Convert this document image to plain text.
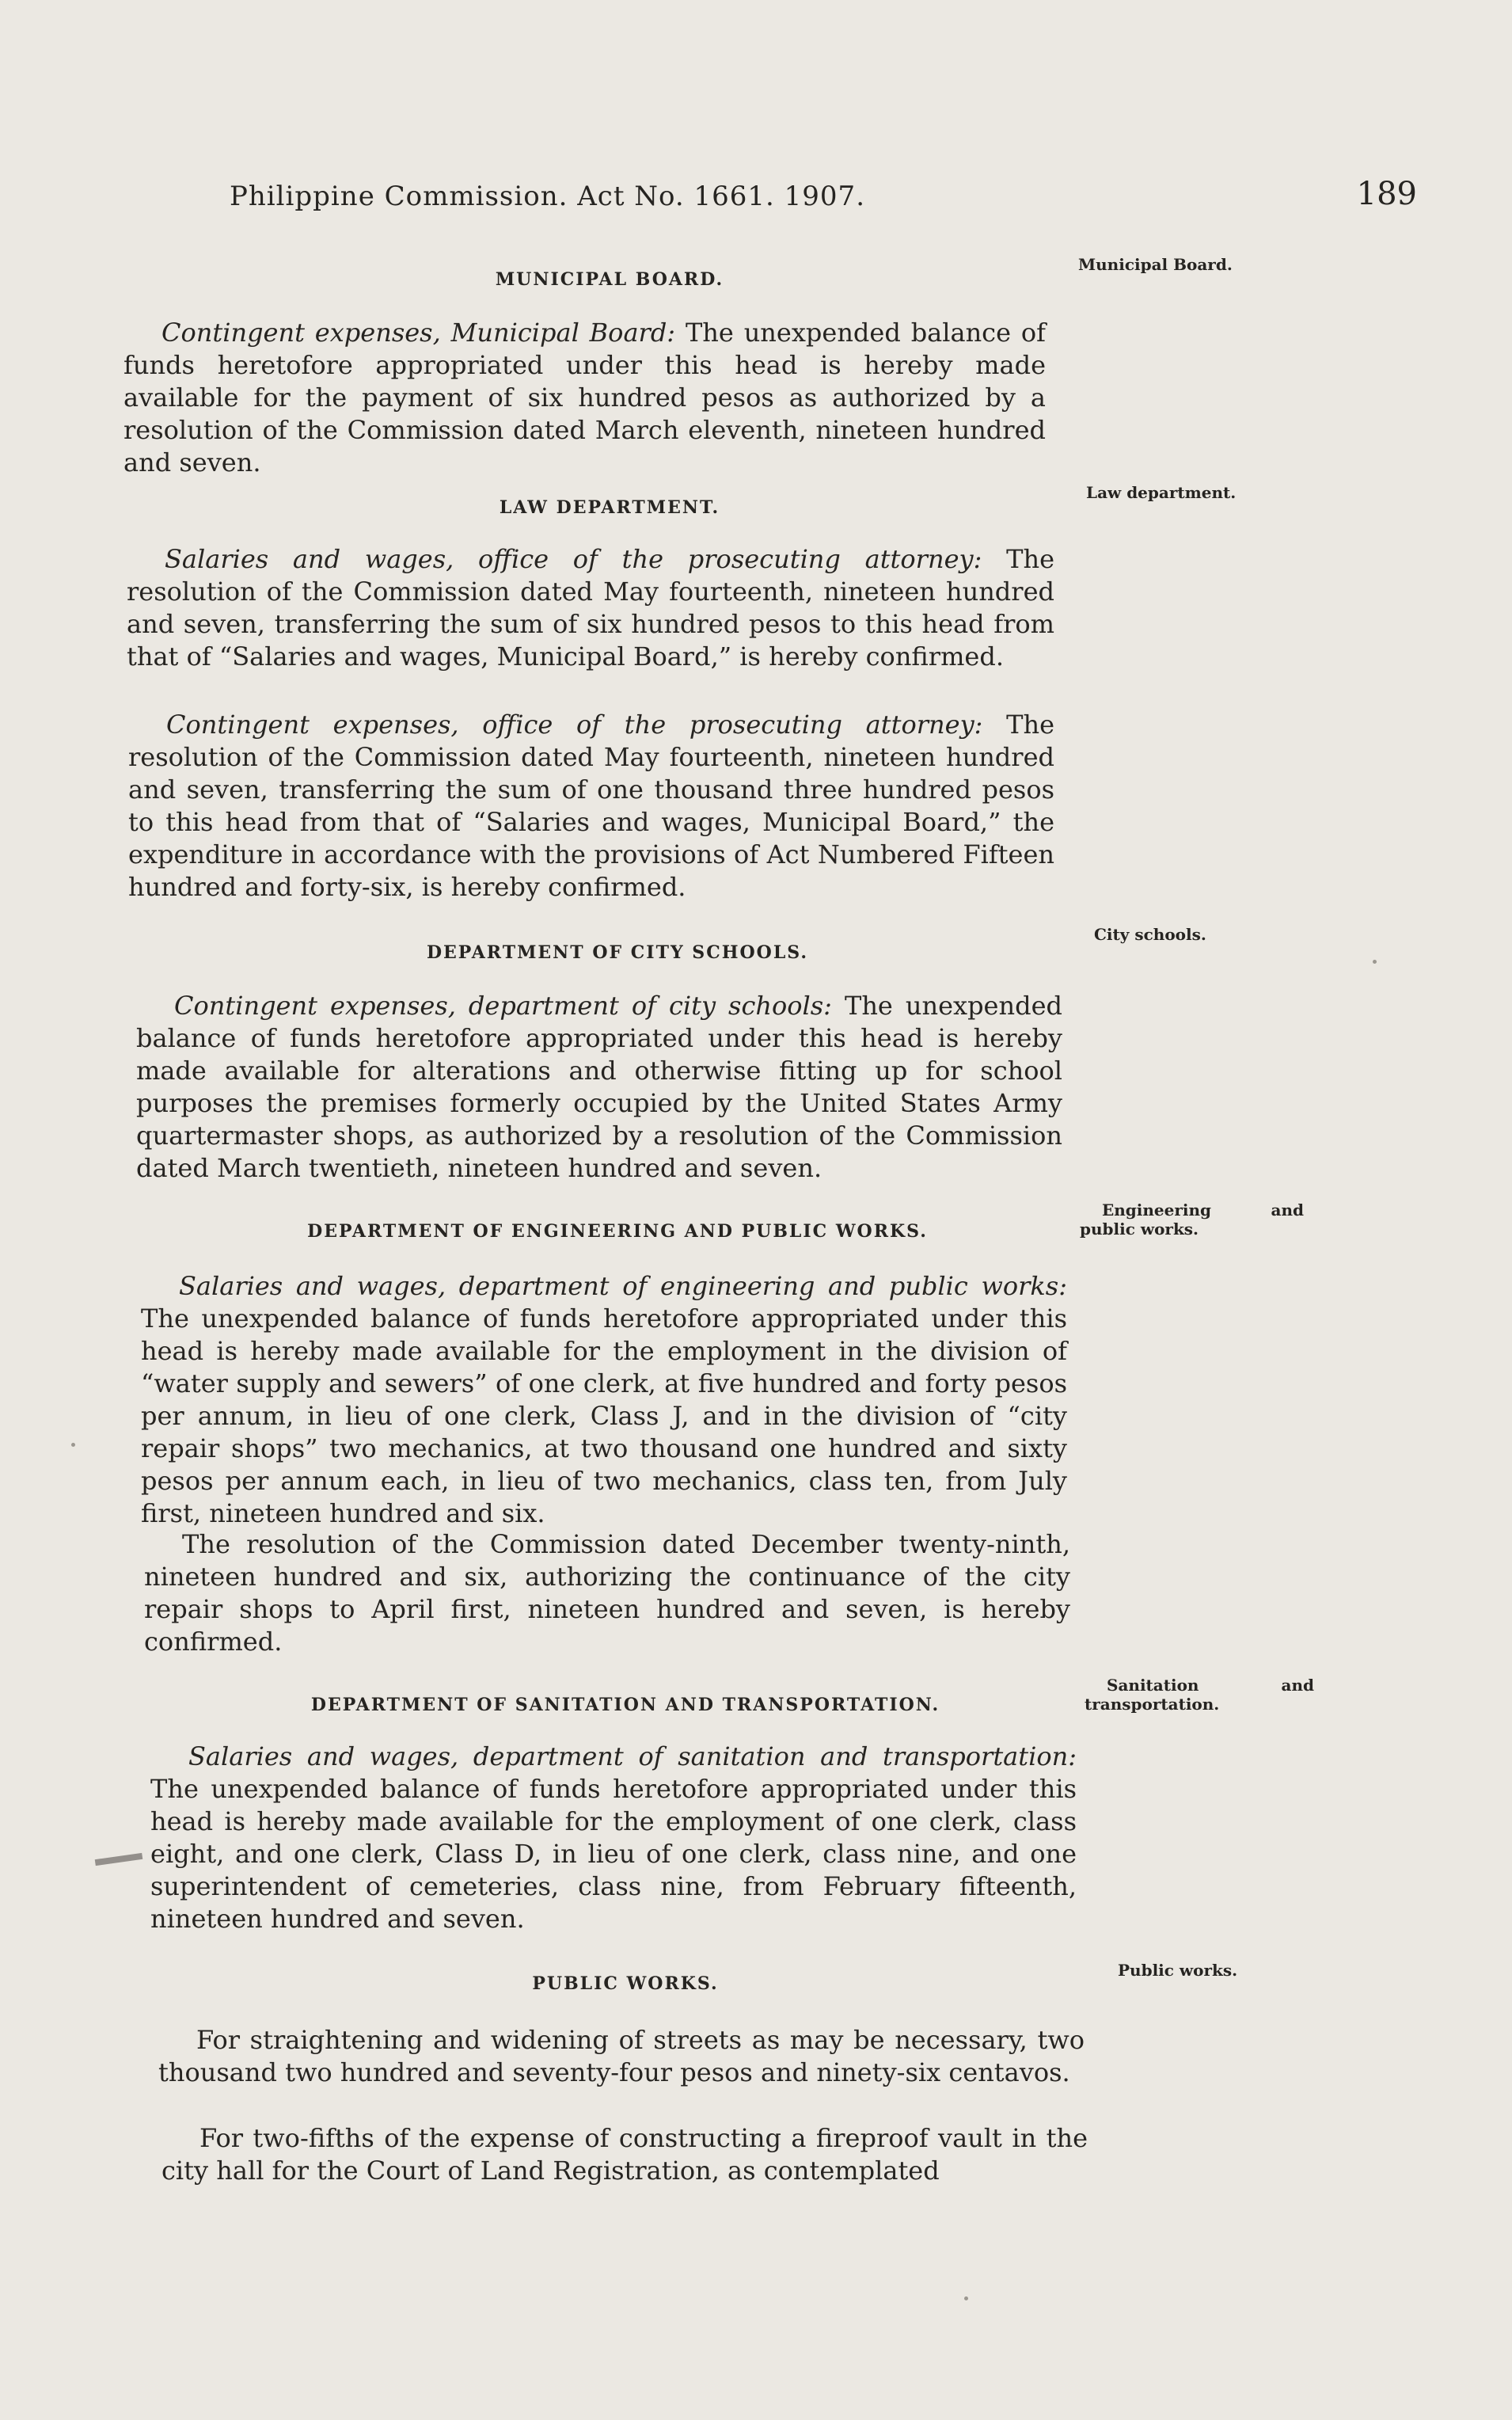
Philippine Commission. Act No. 1661. 1907.	189
Municipal Board.
MUNICIPAL BOARD.

Contingent expenses, Municipal Board: The unexpended balance of funds heretofore appropriated under this head is hereby made available for the payment of six hundred pesos as authorized by a resolution of the Commission dated March eleventh, nineteen hundred and seven.

Law department.
LAW DEPARTMENT.

Salaries and wages, office of the prosecuting attorney: The resolution of the Commission dated May fourteenth, nineteen hundred and seven, transferring the sum of six hundred pesos to this head from that of “Salaries and wages, Municipal Board,” is hereby confirmed.

Contingent expenses, office of the prosecuting attorney: The resolution of the Commission dated May fourteenth, nineteen hundred and seven, transferring the sum of one thousand three hundred pesos to this head from that of “Salaries and wages, Municipal Board,” the expenditure in accordance with the provisions of Act Numbered Fifteen hundred and forty-six, is hereby confirmed.

City schools.
DEPARTMENT OF CITY SCHOOLS.

Contingent expenses, department of city schools: The unexpended balance of funds heretofore appropriated under this head is hereby made available for alterations and otherwise fitting up for school purposes the premises formerly occupied by the United States Army quartermaster shops, as authorized by a resolution of the Commission dated March twentieth, nineteen hundred and seven.

Engineering	and
public works.
DEPARTMENT OF ENGINEERING AND PUBLIC WORKS.

Salaries and wages, department of engineering and public works: The unexpended balance of funds heretofore appropriated under this head is hereby made available for the employment in the division of “water supply and sewers” of one clerk, at five hundred and forty pesos per annum, in lieu of one clerk, Class J, and in the division of “city repair shops” two mechanics, at two thousand one hundred and sixty pesos per annum each, in lieu of two mechanics, class ten, from July first, nineteen hundred and six.

The resolution of the Commission dated December twenty-ninth, nineteen hundred and six, authorizing the continuance of the city repair shops to April first, nineteen hundred and seven, is hereby confirmed.

Sanitation	and
transportation.
DEPARTMENT OF SANITATION AND TRANSPORTATION.

Salaries and wages, department of sanitation and transportation: The unexpended balance of funds heretofore appropriated under this head is hereby made available for the employment of one clerk, class eight, and one clerk, Class D, in lieu of one clerk, class nine, and one superintendent of cemeteries, class nine, from February fifteenth, nineteen hundred and seven.

Public works.
PUBLIC WORKS.

For straightening and widening of streets as may be necessary, two thousand two hundred and seventy-four pesos and ninety-six centavos.

For two-fifths of the expense of constructing a fireproof vault in the city hall for the Court of Land Registration, as contemplated
